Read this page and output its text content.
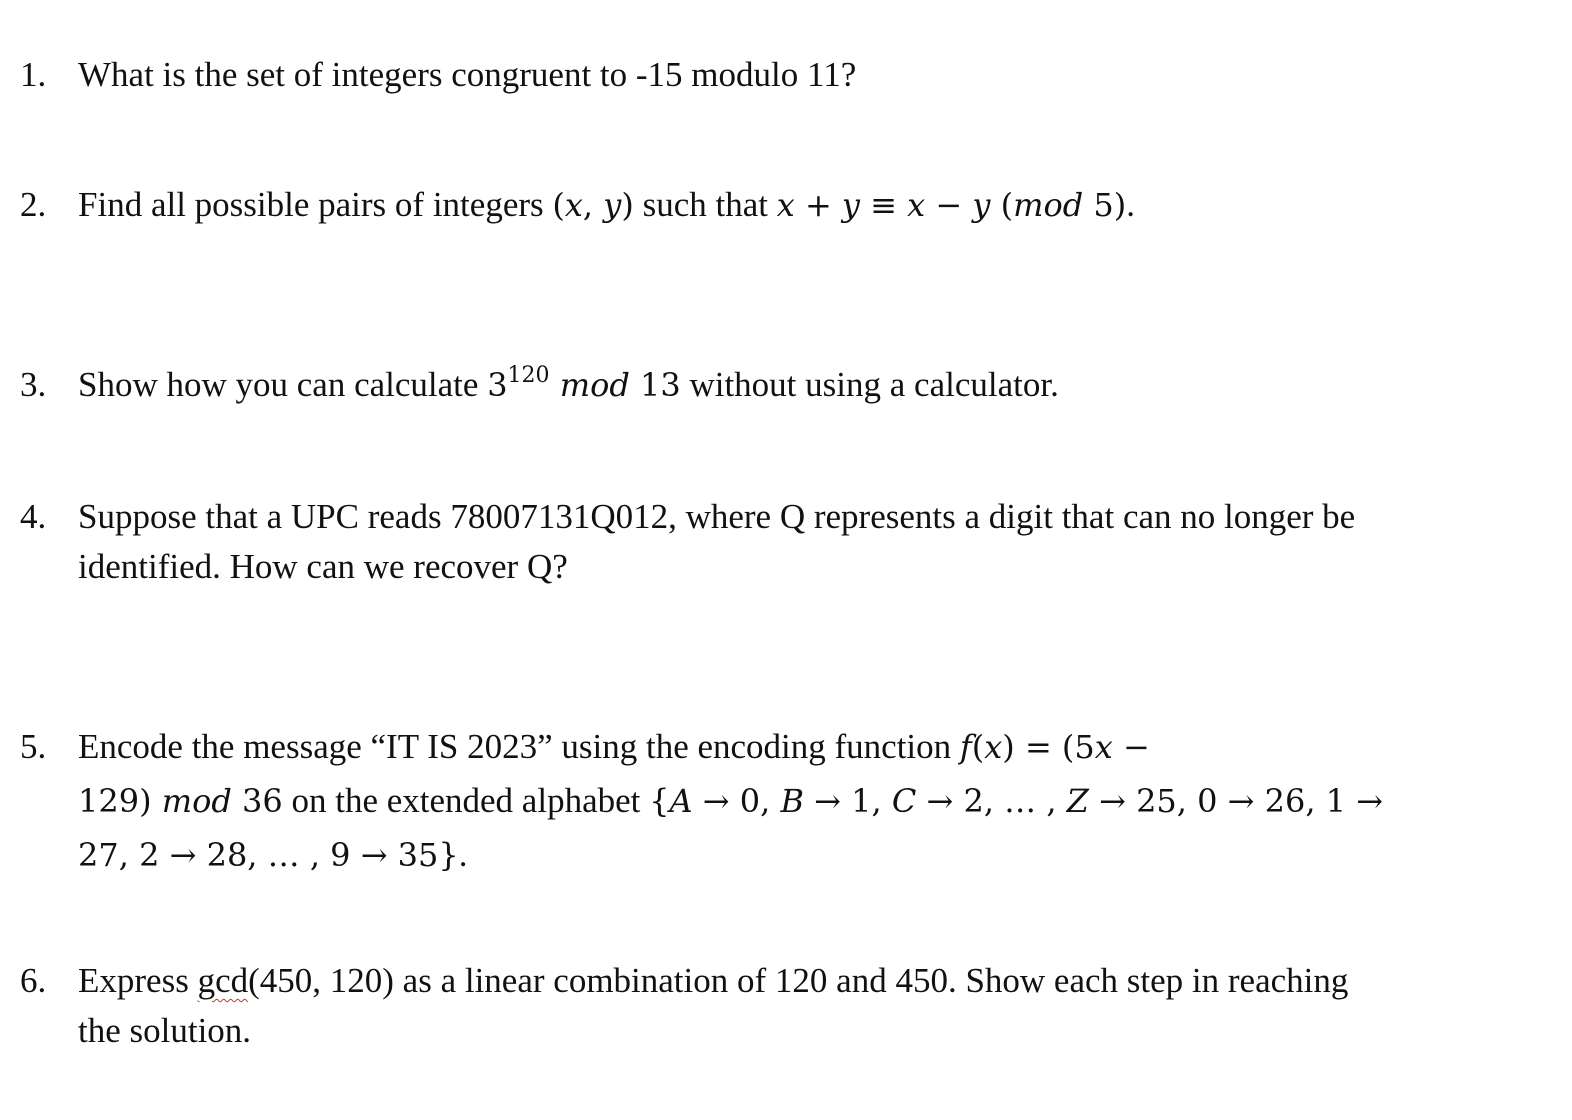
1. What is the set of integers congruent to -15 modulo 11?
2. Find all possible pairs of integers (𝑥, 𝑦) such that 𝑥 + 𝑦 ≡ 𝑥 − 𝑦 (𝑚𝑜𝑑 5).
3. Show how you can calculate $3^{120}$ 𝑚𝑜𝑑 13 without using a calculator.
4. Suppose that a UPC reads 78007131Q012, where Q represents a digit that can no longer be
identified. How can we recover Q?
5. Encode the message “IT IS 2023” using the encoding function 𝑓(𝑥) = (5𝑥 −
129) 𝑚𝑜𝑑 36 on the extended alphabet {𝐴 → 0, 𝐵 → 1, 𝐶 → 2, … , 𝑍 → 25, 0 → 26, 1 →
27, 2 → 28, … , 9 → 35}.
6. Express gcd(450, 120) as a linear combination of 120 and 450. Show each step in reaching
the solution.
